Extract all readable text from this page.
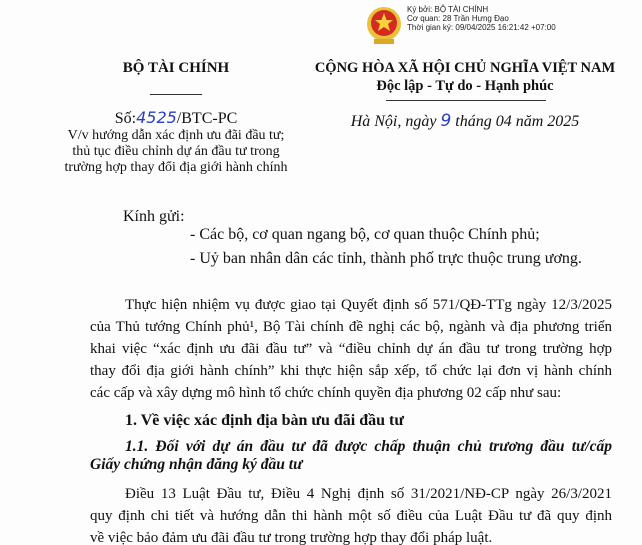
Ký bởi: BỘ TÀI CHÍNH
Cơ quan: 28 Trần Hưng Đạo
Thời gian ký: 09/04/2025 16:21:42 +07:00
BỘ TÀI CHÍNH	CỘNG HÒA XÃ HỘI CHỦ NGHĨA VIỆT NAM
Độc lập - Tự do - Hạnh phúc
Số:4525/BTC-PC	Hà Nội, ngày 9 tháng 04 năm 2025
V/v hướng dẫn xác định ưu đãi đầu tư;
thủ tục điều chỉnh dự án đầu tư trong
trường hợp thay đổi địa giới hành chính
Kính gửi:
- Các bộ, cơ quan ngang bộ, cơ quan thuộc Chính phủ;
- Uỷ ban nhân dân các tỉnh, thành phố trực thuộc trung ương.
Thực hiện nhiệm vụ được giao tại Quyết định số 571/QĐ-TTg ngày 12/3/2025
của Thủ tướng Chính phủ¹, Bộ Tài chính đề nghị các bộ, ngành và địa phương triển
khai việc “xác định ưu đãi đầu tư” và “điều chỉnh dự án đầu tư trong trường hợp
thay đổi địa giới hành chính” khi thực hiện sắp xếp, tổ chức lại đơn vị hành chính
các cấp và xây dựng mô hình tổ chức chính quyền địa phương 02 cấp như sau:
1. Về việc xác định địa bàn ưu đãi đầu tư
1.1. Đối với dự án đầu tư đã được chấp thuận chủ trương đầu tư/cấp
Giấy chứng nhận đăng ký đầu tư
Điều 13 Luật Đầu tư, Điều 4 Nghị định số 31/2021/NĐ-CP ngày 26/3/2021
quy định chi tiết và hướng dẫn thi hành một số điều của Luật Đầu tư đã quy định
về việc bảo đảm ưu đãi đầu tư trong trường hợp thay đổi pháp luật.
